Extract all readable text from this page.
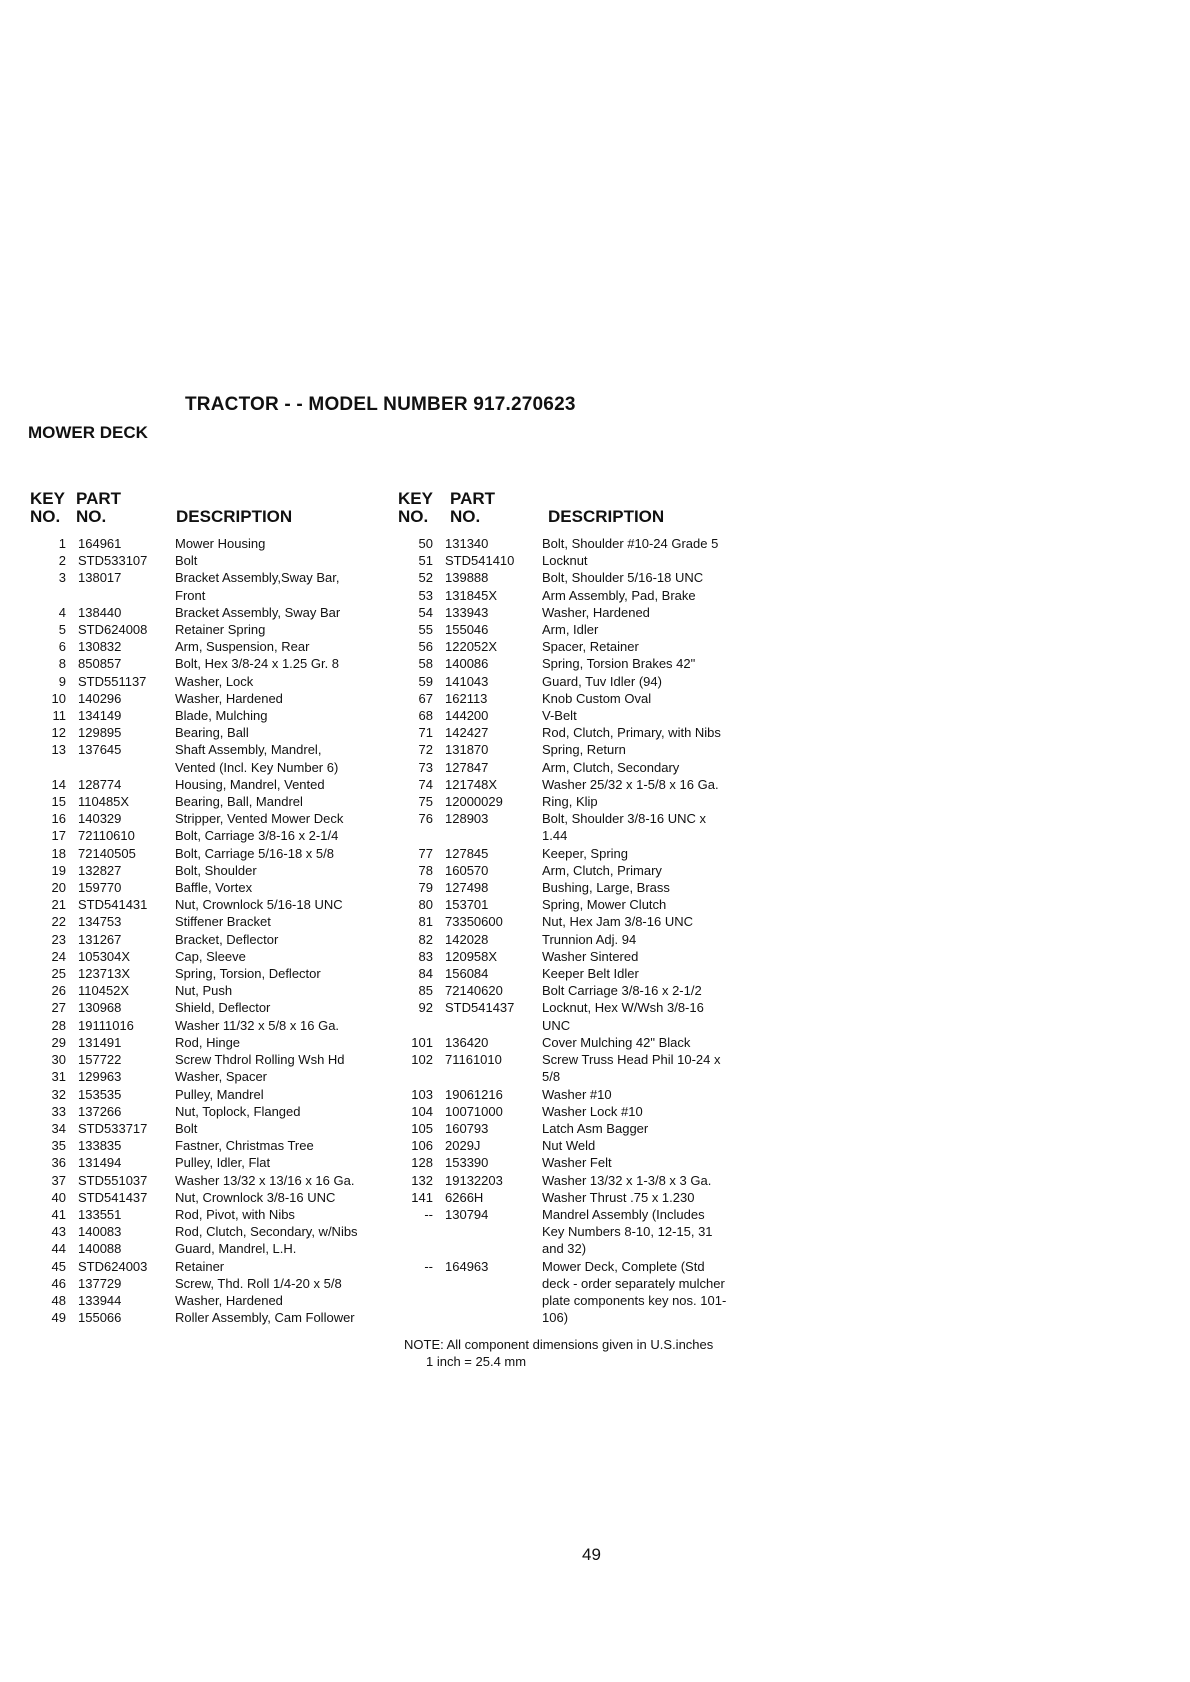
TRACTOR - - MODEL NUMBER 917.270623
MOWER DECK
KEY
NO.
PART
NO.	DESCRIPTION
KEY
NO.
PART
NO.	DESCRIPTION
1 164961	Mower Housing
2 STD533107 Bolt
3 138017	Bracket Assembly,Sway Bar,
Front
4 138440	Bracket Assembly, Sway Bar
5 STD624008 Retainer Spring
6 130832	Arm, Suspension, Rear
8 850857	Bolt, Hex 3/8-24 x 1.25 Gr. 8
9 STD551137 Washer, Lock
10 140296	Washer, Hardened
11 134149	Blade, Mulching
12 129895	Bearing, Ball
13 137645	Shaft Assembly, Mandrel,
Vented (Incl. Key Number 6)
14 128774	Housing, Mandrel, Vented
15 110485X	Bearing, Ball, Mandrel
16 140329	Stripper, Vented Mower Deck
17 72110610	Bolt, Carriage 3/8-16 x 2-1/4
18 72140505	Bolt, Carriage 5/16-18 x 5/8
19 132827	Bolt, Shoulder
20 159770	Baffle, Vortex
21 STD541431 Nut, Crownlock 5/16-18 UNC
22 134753	Stiffener Bracket
23 131267	Bracket, Deflector
24 105304X	Cap, Sleeve
25 123713X	Spring, Torsion, Deflector
26 110452X	Nut, Push
27 130968	Shield, Deflector
28 19111016	Washer 11/32 x 5/8 x 16 Ga.
29 131491	Rod, Hinge
30 157722	Screw Thdrol Rolling Wsh Hd
31 129963	Washer, Spacer
32 153535	Pulley, Mandrel
33 137266	Nut, Toplock, Flanged
34 STD533717 Bolt
35 133835	Fastner, Christmas Tree
36 131494	Pulley, Idler, Flat
37 STD551037 Washer 13/32 x 13/16 x 16 Ga.
40 STD541437 Nut, Crownlock 3/8-16 UNC
41 133551	Rod, Pivot, with Nibs
43 140083	Rod, Clutch, Secondary, w/Nibs
44 140088	Guard, Mandrel, L.H.
45 STD624003 Retainer
46 137729	Screw, Thd. Roll 1/4-20 x 5/8
48 133944	Washer, Hardened
49 155066	Roller Assembly, Cam Follower
50 131340	Bolt, Shoulder #10-24 Grade 5
51 STD541410 Locknut
52 139888	Bolt, Shoulder 5/16-18 UNC
53 131845X	Arm Assembly, Pad, Brake
54 133943	Washer, Hardened
55 155046	Arm, Idler
56 122052X	Spacer, Retainer
58 140086	Spring, Torsion Brakes 42"
59 141043	Guard, Tuv Idler (94)
67 162113	Knob Custom Oval
68 144200	V-Belt
71 142427	Rod, Clutch, Primary, with Nibs
72 131870	Spring, Return
73 127847	Arm, Clutch, Secondary
74 121748X	Washer 25/32 x 1-5/8 x 16 Ga.
75 12000029	Ring, Klip
76 128903	Bolt, Shoulder 3/8-16 UNC x
1.44
77 127845	Keeper, Spring
78 160570	Arm, Clutch, Primary
79 127498	Bushing, Large, Brass
80 153701	Spring, Mower Clutch
81 73350600	Nut, Hex Jam 3/8-16 UNC
82 142028	Trunnion Adj. 94
83 120958X	Washer Sintered
84 156084	Keeper Belt Idler
85 72140620	Bolt Carriage 3/8-16 x 2-1/2
92 STD541437 Locknut, Hex W/Wsh 3/8-16
UNC
101 136420	Cover Mulching 42" Black
102 71161010	Screw Truss Head Phil 10-24 x
5/8
103 19061216	Washer #10
104 10071000	Washer Lock #10
105 160793	Latch Asm Bagger
106 2029J	Nut Weld
128 153390	Washer Felt
132 19132203	Washer 13/32 x 1-3/8 x 3 Ga.
141 6266H	Washer Thrust .75 x 1.230
-- 130794	Mandrel Assembly (Includes
Key Numbers 8-10, 12-15, 31
and 32)
-- 164963	Mower Deck, Complete (Std
deck - order separately mulcher
plate components key nos. 101-
106)
NOTE: All component dimensions given in U.S.inches
1 inch = 25.4 mm
49
